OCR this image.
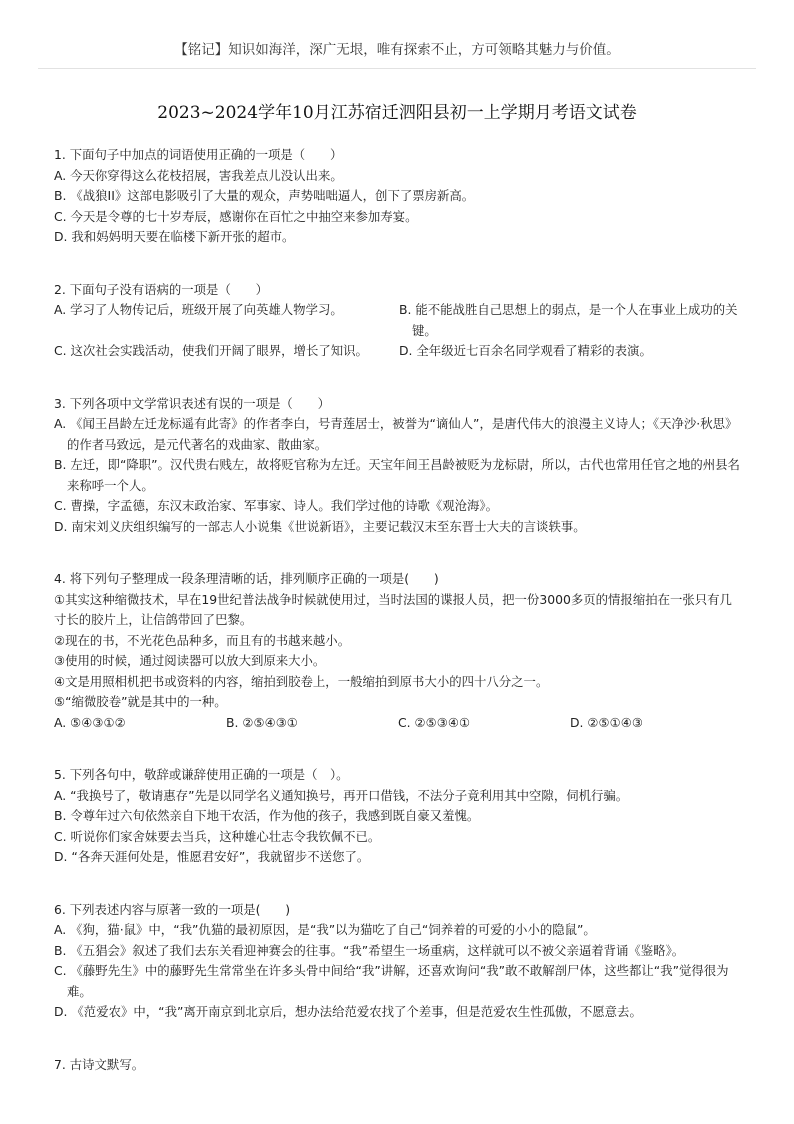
【铭记】知识如海洋，深广无垠，唯有探索不止，方可领略其魅力与价值。
2023~2024学年10月江苏宿迁泗阳县初一上学期月考语文试卷
1. 下面句子中加点的词语使用正确的一项是（　　）
A. 今天你穿得这么花枝招展，害我差点儿没认出来。
B. 《战狼II》这部电影吸引了大量的观众，声势咄咄逼人，创下了票房新高。
C. 今天是令尊的七十岁寿辰，感谢你在百忙之中抽空来参加寿宴。
D. 我和妈妈明天要在临楼下新开张的超市。
2. 下面句子没有语病的一项是（　　）
A. 学习了人物传记后，班级开展了向英雄人物学习。	B. 能不能战胜自己思想上的弱点，是一个人在事业上成功的关键。
C. 这次社会实践活动，使我们开阔了眼界，增长了知识。	D. 全年级近七百余名同学观看了精彩的表演。
3. 下列各项中文学常识表述有误的一项是（　　）
A. 《闻王昌龄左迁龙标遥有此寄》的作者李白，号青莲居士，被誉为“谪仙人”，是唐代伟大的浪漫主义诗人；《天净沙·秋思》的作者马致远，是元代著名的戏曲家、散曲家。
B. 左迁，即“降职”。汉代贵右贱左，故将贬官称为左迁。天宝年间王昌龄被贬为龙标尉，所以，古代也常用任官之地的州县名来称呼一个人。
C. 曹操，字孟德，东汉末政治家、军事家、诗人。我们学过他的诗歌《观沧海》。
D. 南宋刘义庆组织编写的一部志人小说集《世说新语》，主要记载汉末至东晋士大夫的言谈轶事。
4. 将下列句子整理成一段条理清晰的话，排列顺序正确的一项是(　　)
①其实这种缩微技术，早在19世纪普法战争时候就使用过，当时法国的谍报人员，把一份3000多页的情报缩拍在一张只有几寸长的胶片上，让信鸽带回了巴黎。
②现在的书，不光花色品种多，而且有的书越来越小。
③使用的时候，通过阅读器可以放大到原来大小。
④文是用照相机把书或资料的内容，缩拍到胶卷上，一般缩拍到原书大小的四十八分之一。
⑤“缩微胶卷”就是其中的一种。
A. ⑤④③①②	B. ②⑤④③①	C. ②⑤③④①	D. ②⑤①④③
5. 下列各句中，敬辞或谦辞使用正确的一项是（　）。
A. “我换号了，敬请惠存”先是以同学名义通知换号，再开口借钱，不法分子竟利用其中空隙，伺机行骗。
B. 令尊年过六旬依然亲自下地干农活，作为他的孩子，我感到既自豪又羞愧。
C. 听说你们家舍妹要去当兵，这种雄心壮志令我钦佩不已。
D. “各奔天涯何处是，惟愿君安好”，我就留步不送您了。
6. 下列表述内容与原著一致的一项是(　　)
A. 《狗，猫·鼠》中，“我”仇猫的最初原因，是“我”以为猫吃了自己“饲养着的可爱的小小的隐鼠”。
B. 《五猖会》叙述了我们去东关看迎神赛会的往事。“我”希望生一场重病，这样就可以不被父亲逼着背诵《鉴略》。
C. 《藤野先生》中的藤野先生常常坐在许多头骨中间给“我”讲解，还喜欢询问“我”敢不敢解剖尸体，这些都让“我”觉得很为难。
D. 《范爱农》中，“我”离开南京到北京后，想办法给范爱农找了个差事，但是范爱农生性孤傲，不愿意去。
7. 古诗文默写。
